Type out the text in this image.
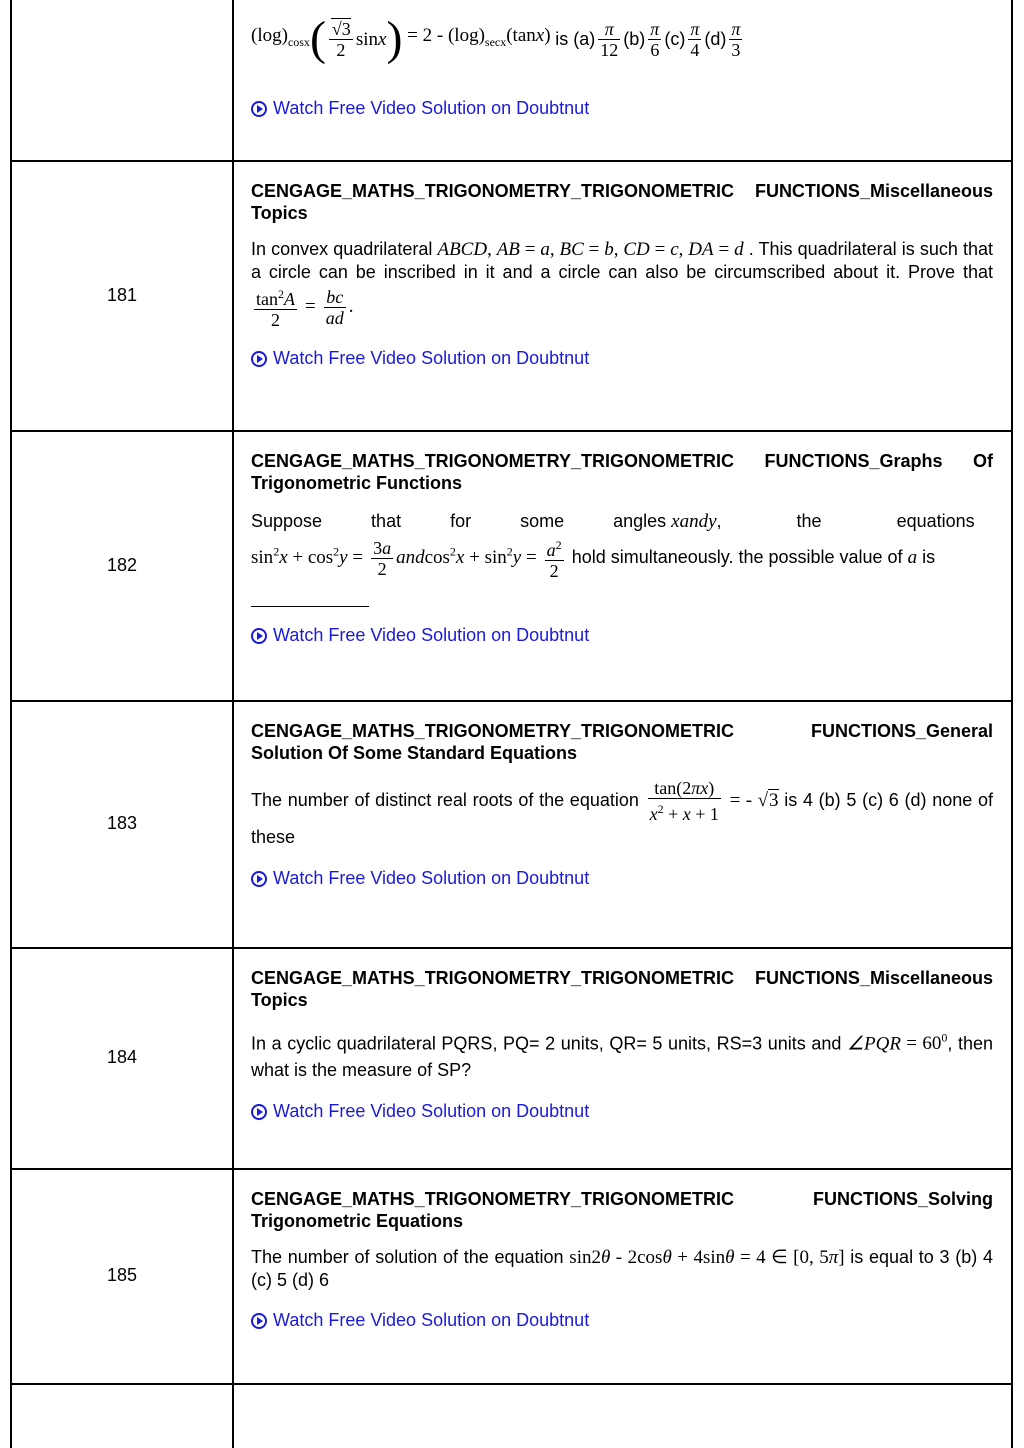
$(\log)_{cosx}$ ( $\frac{√3}{2}$ sinx ) = $2 - (\log)_{secx}(\tan x)$ is $(a) \frac{\pi}{12} (b) \frac{\pi}{6} (c) \frac{\pi}{4} (d) \frac{\pi}{3}$
Watch Free Video Solution on Doubtnut
181
CENGAGE_MATHS_TRIGONOMETRY_TRIGONOMETRIC FUNCTIONS_Miscellaneous Topics
In convex quadrilateral ABCD, AB = a, BC = b, CD = c, DA = d . This quadrilateral is such that a circle can be inscribed in it and a circle can also be circumscribed about it. Prove that
$\frac{\tan^2A}{2} = \frac{bc}{ad}$ .
Watch Free Video Solution on Doubtnut
182
CENGAGE_MATHS_TRIGONOMETRY_TRIGONOMETRIC FUNCTIONS_Graphs Of Trigonometric Functions
Suppose that for some angles xandy, the equations
$\sin^2x + \cos^2y = \frac{3a}{2} andcos^2x + \sin^2y = \frac{a^2}{2}$ hold simultaneously. the possible value of a is

Watch Free Video Solution on Doubtnut
183
CENGAGE_MATHS_TRIGONOMETRY_TRIGONOMETRIC FUNCTIONS_General Solution Of Some Standard Equations
The number of distinct real roots of the equation $\frac{\tan(2\pi x)}{x^2 + x + 1}$ = - √3 is 4 (b) 5 (c) 6 (d) none of these
Watch Free Video Solution on Doubtnut
184
CENGAGE_MATHS_TRIGONOMETRY_TRIGONOMETRIC FUNCTIONS_Miscellaneous Topics
In a cyclic quadrilateral PQRS, PQ= 2 units, QR= 5 units, RS=3 units and ∠PQR = $60^0$, then what is the measure of SP?
Watch Free Video Solution on Doubtnut
185
CENGAGE_MATHS_TRIGONOMETRY_TRIGONOMETRIC FUNCTIONS_Solving Trigonometric Equations
The number of solution of the equation sin2θ - 2cosθ + 4sinθ = 4 ∈ [0, 5π] is equal to 3 (b) 4 (c) 5 (d) 6
Watch Free Video Solution on Doubtnut
